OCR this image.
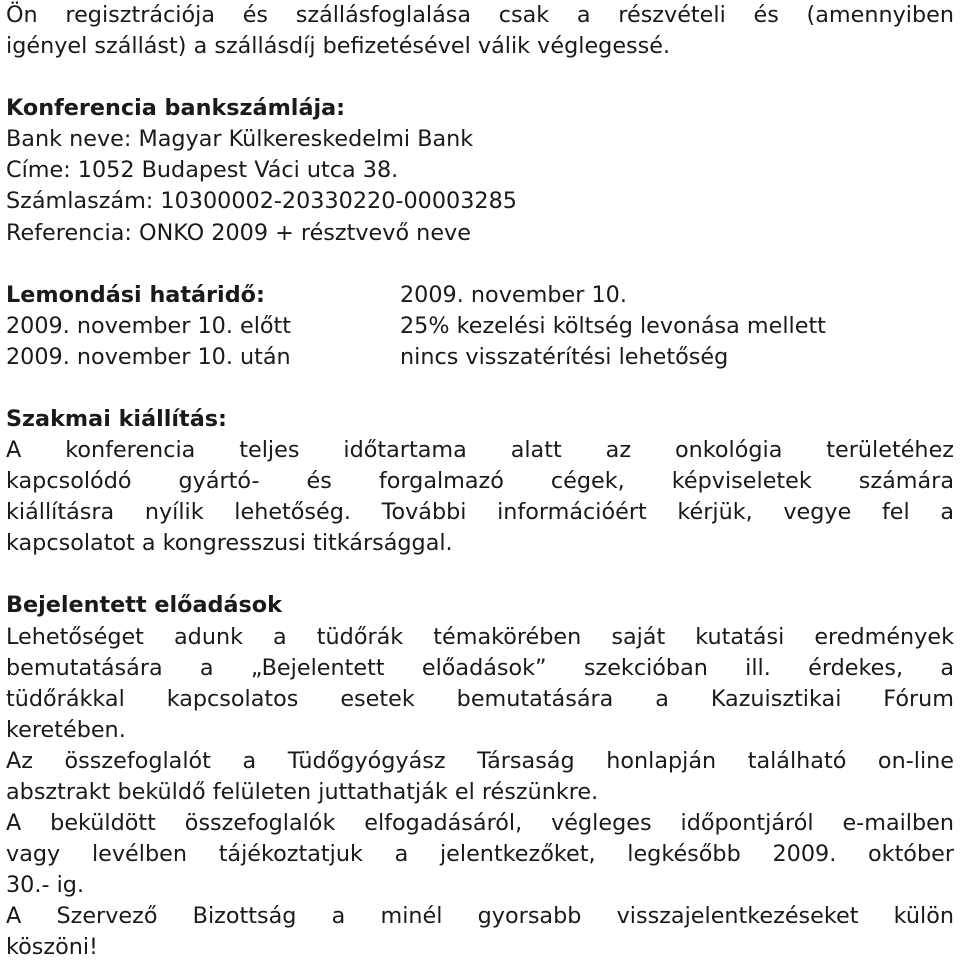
Ön regisztrációja és szállásfoglalása csak a részvételi és (amennyiben

igényel szállást) a szállásdíj befizetésével válik véglegessé.

Konferencia bankszámlája:

Bank neve: Magyar Külkereskedelmi Bank

Címe: 1052 Budapest Váci utca 38.

Számlaszám: 10300002-20330220-00003285

Referencia: ONKO 2009 + résztvevő neve

Lemondási határidő:	2009. november 10.
2009. november 10. előtt	25% kezelési költség levonása mellett
2009. november 10. után	nincs visszatérítési lehetőség

Szakmai kiállítás:

A konferencia teljes időtartama alatt az onkológia területéhez

kapcsolódó gyártó- és forgalmazó cégek, képviseletek számára

kiállításra nyílik lehetőség. További információért kérjük, vegye fel a

kapcsolatot a kongresszusi titkársággal.

Bejelentett előadások

Lehetőséget adunk a tüdőrák témakörében saját kutatási eredmények

bemutatására a „Bejelentett előadások” szekcióban ill. érdekes, a

tüdőrákkal kapcsolatos esetek bemutatására a Kazuisztikai Fórum

keretében.

Az összefoglalót a Tüdőgyógyász Társaság honlapján található on-line

absztrakt beküldő felületen juttathatják el részünkre.

A beküldött összefoglalók elfogadásáról, végleges időpontjáról e-mailben

vagy levélben tájékoztatjuk a jelentkezőket, legkésőbb 2009. október

30.- ig.

A Szervező Bizottság a minél gyorsabb visszajelentkezéseket külön

köszöni!
